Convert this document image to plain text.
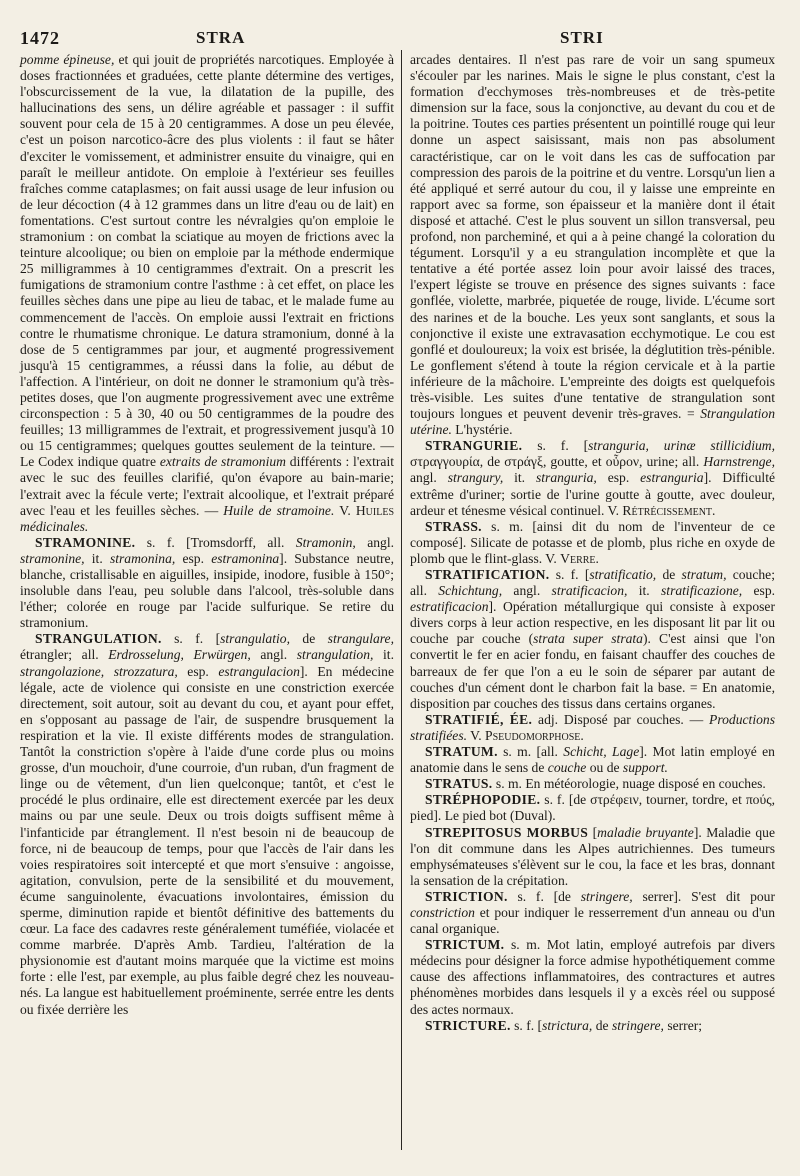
1472	STRA	STRI

pomme épineuse, et qui jouit de propriétés narcotiques. Employée à doses fractionnées et graduées, cette plante détermine des vertiges, l'obscurcissement de la vue, la dilatation de la pupille, des hallucinations des sens, un délire agréable et passager : il suffit souvent pour cela de 15 à 20 centigrammes. A dose un peu élevée, c'est un poison narcotico-âcre des plus violents : il faut se hâter d'exciter le vomissement, et administrer ensuite du vinaigre, qui en paraît le meilleur antidote. On emploie à l'extérieur ses feuilles fraîches comme cataplasmes; on fait aussi usage de leur infusion ou de leur décoction (4 à 12 grammes dans un litre d'eau ou de lait) en fomentations. C'est surtout contre les névralgies qu'on emploie le stramonium : on combat la sciatique au moyen de frictions avec la teinture alcoolique; ou bien on emploie par la méthode endermique 25 milligrammes à 10 centigrammes d'extrait. On a prescrit les fumigations de stramonium contre l'asthme : à cet effet, on place les feuilles sèches dans une pipe au lieu de tabac, et le malade fume au commencement de l'accès. On emploie aussi l'extrait en frictions contre le rhumatisme chronique. Le datura stramonium, donné à la dose de 5 centigrammes par jour, et augmenté progressivement jusqu'à 15 centigrammes, a réussi dans la folie, au début de l'affection. A l'intérieur, on doit ne donner le stramonium qu'à très-petites doses, que l'on augmente progressivement avec une extrême circonspection : 5 à 30, 40 ou 50 centigrammes de la poudre des feuilles; 13 milligrammes de l'extrait, et progressivement jusqu'à 10 ou 15 centigrammes; quelques gouttes seulement de la teinture. — Le Codex indique quatre extraits de stramonium différents : l'extrait avec le suc des feuilles clarifié, qu'on évapore au bain-marie; l'extrait avec la fécule verte; l'extrait alcoolique, et l'extrait préparé avec l'eau et les feuilles sèches. — Huile de stramoine. V. Huiles médicinales.

STRAMONINE. s. f. [Tromsdorff, all. Stramonin, angl. stramonine, it. stramonina, esp. estramonina]. Substance neutre, blanche, cristallisable en aiguilles, insipide, inodore, fusible à 150°; insoluble dans l'eau, peu soluble dans l'alcool, très-soluble dans l'éther; colorée en rouge par l'acide sulfurique. Se retire du stramonium.

STRANGULATION. s. f. [strangulatio, de strangulare, étrangler; all. Erdrosselung, Erwürgen, angl. strangulation, it. strangolazione, strozzatura, esp. estrangulacion]. En médecine légale, acte de violence qui consiste en une constriction exercée directement, soit autour, soit au devant du cou, et ayant pour effet, en s'opposant au passage de l'air, de suspendre brusquement la respiration et la vie. Il existe différents modes de strangulation. Tantôt la constriction s'opère à l'aide d'une corde plus ou moins grosse, d'un mouchoir, d'une courroie, d'un ruban, d'un fragment de linge ou de vêtement, d'un lien quelconque; tantôt, et c'est le procédé le plus ordinaire, elle est directement exercée par les deux mains ou par une seule. Deux ou trois doigts suffisent même à l'infanticide par étranglement. Il n'est besoin ni de beaucoup de force, ni de beaucoup de temps, pour que l'accès de l'air dans les voies respiratoires soit intercepté et que mort s'ensuive : angoisse, agitation, convulsion, perte de la sensibilité et du mouvement, écume sanguinolente, évacuations involontaires, émission du sperme, diminution rapide et bientôt définitive des battements du cœur. La face des cadavres reste généralement tuméfiée, violacée et comme marbrée. D'après Amb. Tardieu, l'altération de la physionomie est d'autant moins marquée que la victime est moins forte : elle l'est, par exemple, au plus faible degré chez les nouveau-nés. La langue est habituellement proéminente, serrée entre les dents ou fixée derrière les

arcades dentaires. Il n'est pas rare de voir un sang spumeux s'écouler par les narines. Mais le signe le plus constant, c'est la formation d'ecchymoses très-nombreuses et de très-petite dimension sur la face, sous la conjonctive, au devant du cou et de la poitrine. Toutes ces parties présentent un pointillé rouge qui leur donne un aspect saisissant, mais non pas absolument caractéristique, car on le voit dans les cas de suffocation par compression des parois de la poitrine et du ventre. Lorsqu'un lien a été appliqué et serré autour du cou, il y laisse une empreinte en rapport avec sa forme, son épaisseur et la manière dont il était disposé et attaché. C'est le plus souvent un sillon transversal, peu profond, non parcheminé, et qui a à peine changé la coloration du tégument. Lorsqu'il y a eu strangulation incomplète et que la tentative a été portée assez loin pour avoir laissé des traces, l'expert légiste se trouve en présence des signes suivants : face gonflée, violette, marbrée, piquetée de rouge, livide. L'écume sort des narines et de la bouche. Les yeux sont sanglants, et sous la conjonctive il existe une extravasation ecchymotique. Le cou est gonflé et douloureux; la voix est brisée, la déglutition très-pénible. Le gonflement s'étend à toute la région cervicale et à la partie inférieure de la mâchoire. L'empreinte des doigts est quelquefois très-visible. Les suites d'une tentative de strangulation sont toujours longues et peuvent devenir très-graves. = Strangulation utérine. L'hystérie.

STRANGURIE. s. f. [stranguria, urinæ stillicidium, στραγγουρία, de στράγξ, goutte, et οὖρον, urine; all. Harnstrenge, angl. strangury, it. stranguria, esp. estranguria]. Difficulté extrême d'uriner; sortie de l'urine goutte à goutte, avec douleur, ardeur et ténesme vésical continuel. V. Rétrécissement.

STRASS. s. m. [ainsi dit du nom de l'inventeur de ce composé]. Silicate de potasse et de plomb, plus riche en oxyde de plomb que le flint-glass. V. Verre.

STRATIFICATION. s. f. [stratificatio, de stratum, couche; all. Schichtung, angl. stratificacion, it. stratificazione, esp. estratificacion]. Opération métallurgique qui consiste à exposer divers corps à leur action respective, en les disposant lit par lit ou couche par couche (strata super strata). C'est ainsi que l'on convertit le fer en acier fondu, en faisant chauffer des couches de barreaux de fer que l'on a eu le soin de séparer par autant de couches d'un cément dont le charbon fait la base. = En anatomie, disposition par couches des tissus dans certains organes.

STRATIFIÉ, ÉE. adj. Disposé par couches. — Productions stratifiées. V. Pseudomorphose.

STRATUM. s. m. [all. Schicht, Lage]. Mot latin employé en anatomie dans le sens de couche ou de support.

STRATUS. s. m. En météorologie, nuage disposé en couches.

STRÉPHOPODIE. s. f. [de στρέφειν, tourner, tordre, et πούς, pied]. Le pied bot (Duval).

STREPITOSUS MORBUS [maladie bruyante]. Maladie que l'on dit commune dans les Alpes autrichiennes. Des tumeurs emphysémateuses s'élèvent sur le cou, la face et les bras, donnant la sensation de la crépitation.

STRICTION. s. f. [de stringere, serrer]. S'est dit pour constriction et pour indiquer le resserrement d'un anneau ou d'un canal organique.

STRICTUM. s. m. Mot latin, employé autrefois par divers médecins pour désigner la force admise hypothétiquement comme cause des affections inflammatoires, des contractures et autres phénomènes morbides dans lesquels il y a excès réel ou supposé des actes normaux.

STRICTURE. s. f. [strictura, de stringere, serrer;
